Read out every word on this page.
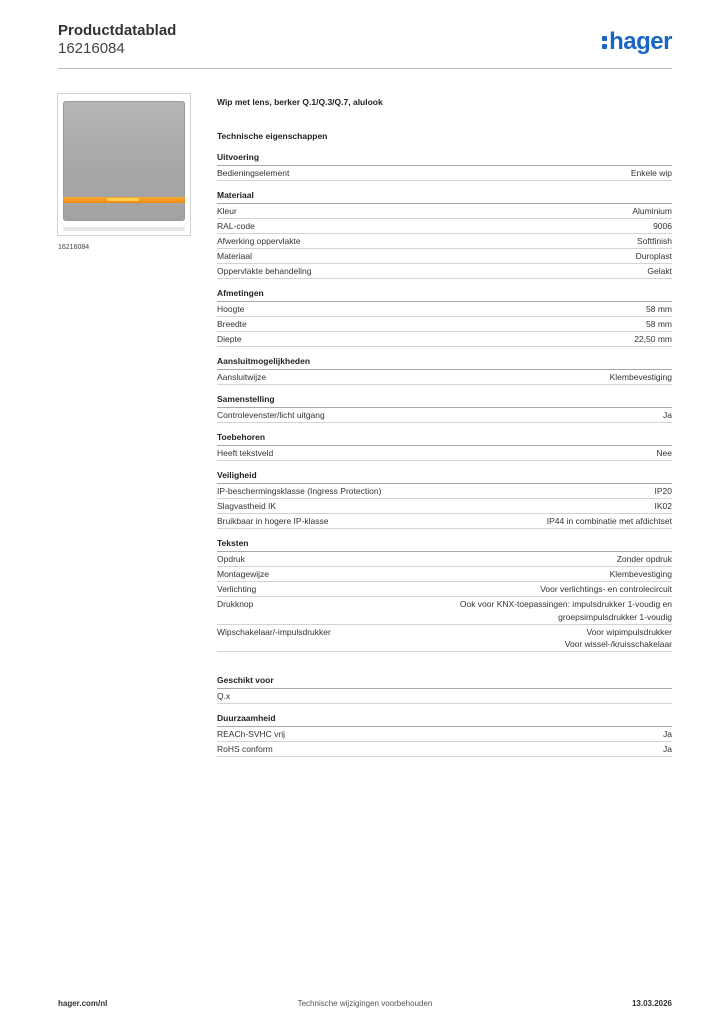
Productdatablad
16216084	hager
16216084
Wip met lens, berker Q.1/Q.3/Q.7, alulook
Technische eigenschappen
Uitvoering
Bedieningselement	Enkele wip
Materiaal
Kleur	Aluminium
RAL-code	9006
Afwerking oppervlakte	Softfinish
Materiaal	Duroplast
Oppervlakte behandeling	Gelakt
Afmetingen
Hoogte	58 mm
Breedte	58 mm
Diepte	22,50 mm
Aansluitmogelijkheden
Aansluitwijze	Klembevestiging
Samenstelling
Controlevenster/licht uitgang	Ja
Toebehoren
Heeft tekstveld	Nee
Veiligheid
IP-beschermingsklasse (Ingress Protection)	IP20
Slagvastheid IK	IK02
Bruikbaar in hogere IP-klasse	IP44 in combinatie met afdichtset
Teksten
Opdruk	Zonder opdruk
Montagewijze	Klembevestiging
Verlichting	Voor verlichtings- en controlecircuit
Drukknop	Ook voor KNX-toepassingen: impulsdrukker 1-voudig en
groepsimpulsdrukker 1-voudig
Wipschakelaar/-impulsdrukker	Voor wipimpulsdrukker
Voor wissel-/kruisschakelaar
Geschikt voor
Q.x
Duurzaamheid
REACh-SVHC vrij	Ja
RoHS conform	Ja
hager.com/nl	Technische wijzigingen voorbehouden	13.03.2026
